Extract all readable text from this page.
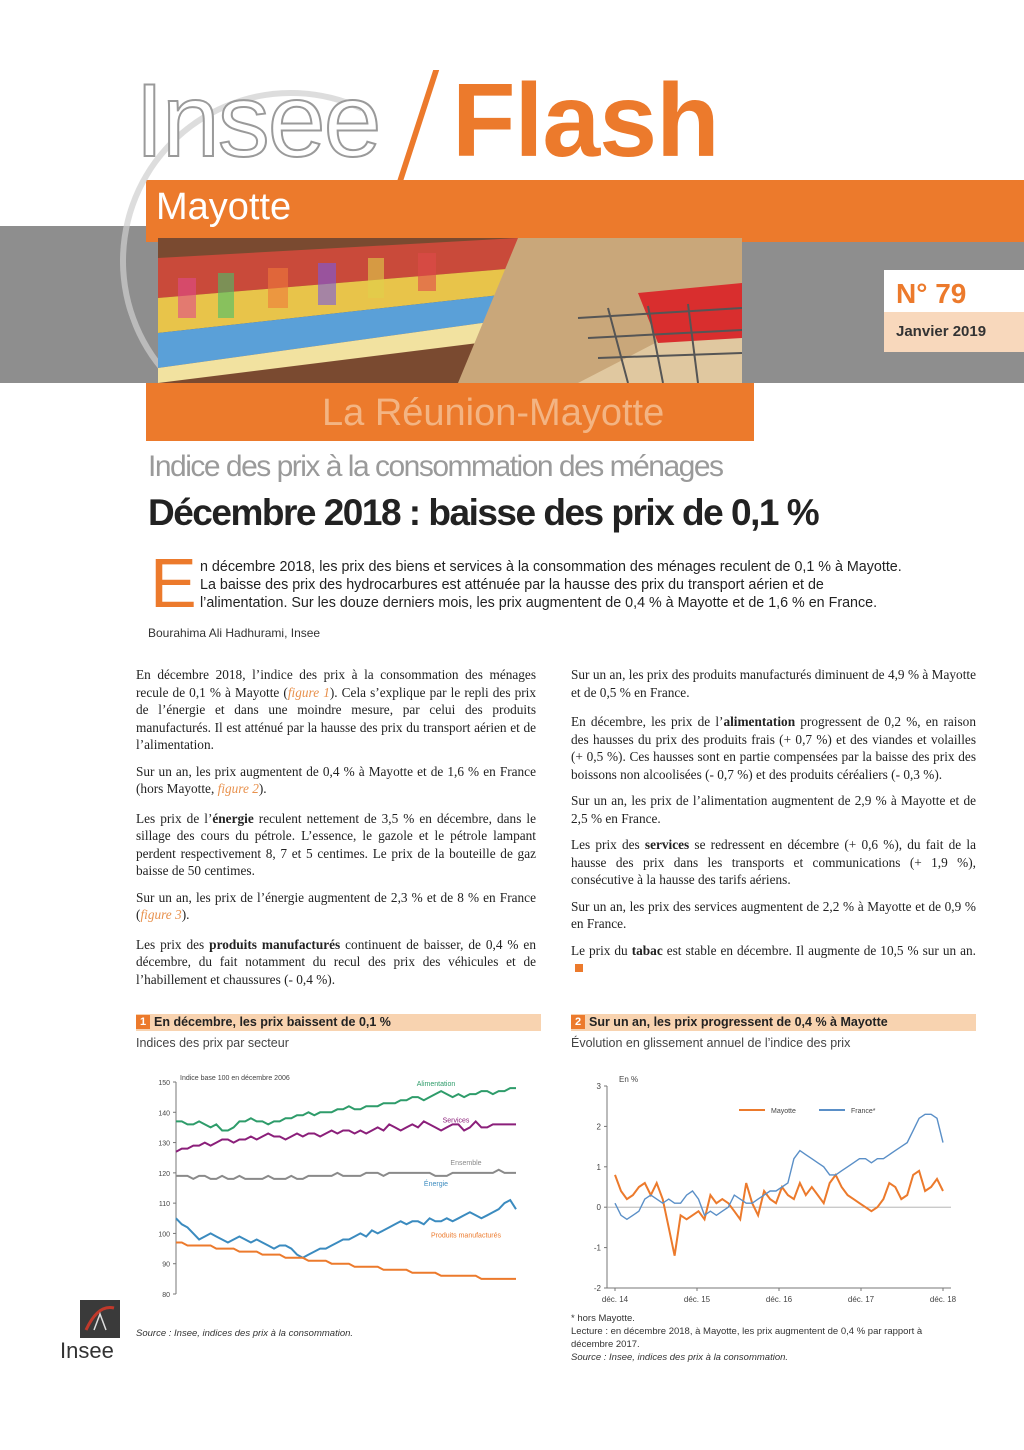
Insee Flash
Mayotte
La Réunion-Mayotte
N° 79
Janvier 2019
Indice des prix à la consommation des ménages
Décembre 2018 : baisse des prix de 0,1 %
E n décembre 2018, les prix des biens et services à la consommation des ménages reculent de 0,1 % à Mayotte.
La baisse des prix des hydrocarbures est atténuée par la hausse des prix du transport aérien et de
l’alimentation. Sur les douze derniers mois, les prix augmentent de 0,4 % à Mayotte et de 1,6 % en France.
Bourahima Ali Hadhurami, Insee

En décembre 2018, l’indice des prix à la consommation des ménages recule de 0,1 % à Mayotte (figure 1). Cela s’explique par le repli des prix de l’énergie et dans une moindre mesure, par celui des produits manufacturés. Il est atténué par la hausse des prix du transport aérien et de l’alimentation.

Sur un an, les prix augmentent de 0,4 % à Mayotte et de 1,6 % en France (hors Mayotte, figure 2).

Les prix de l’énergie reculent nettement de 3,5 % en décembre, dans le sillage des cours du pétrole. L’essence, le gazole et le pétrole lampant perdent respectivement 8, 7 et 5 centimes. Le prix de la bouteille de gaz baisse de 50 centimes.

Sur un an, les prix de l’énergie augmentent de 2,3 % et de 8 % en France (figure 3).

Les prix des produits manufacturés continuent de baisser, de 0,4 % en décembre, du fait notamment du recul des prix des véhicules et de l’habillement et chaussures (- 0,4 %).

Sur un an, les prix des produits manufacturés diminuent de 4,9 % à Mayotte et de 0,5 % en France.

En décembre, les prix de l’alimentation progressent de 0,2 %, en raison des hausses du prix des produits frais (+ 0,7 %) et des viandes et volailles (+ 0,5 %). Ces hausses sont en partie compensées par la baisse des prix des boissons non alcoolisées (- 0,7 %) et des produits céréaliers (- 0,3 %).

Sur un an, les prix de l’alimentation augmentent de 2,9 % à Mayotte et de 2,5 % en France.

Les prix des services se redressent en décembre (+ 0,6 %), du fait de la hausse des prix dans les transports et communications (+ 1,9 %), consécutive à la hausse des tarifs aériens.

Sur un an, les prix des services augmentent de 2,2 % à Mayotte et de 0,9 % en France.

Le prix du tabac est stable en décembre. Il augmente de 10,5 % sur un an.

1 En décembre, les prix baissent de 0,1 %
Indices des prix par secteur
80
90
100
110
120
130
140
150
Indice base 100 en décembre 2006
Alimentation
Services
Ensemble
Énergie
Produits manufacturés
Source : Insee, indices des prix à la consommation.
2 Sur un an, les prix progressent de 0,4 % à Mayotte
Évolution en glissement annuel de l’indice des prix
-2
-1
0
1
2
3
En %
déc. 14	déc. 15	déc. 16	déc. 17	déc. 18
Mayotte	France*
* hors Mayotte.
Lecture : en décembre 2018, à Mayotte, les prix augmentent de 0,4 % par rapport à décembre 2017.
Source : Insee, indices des prix à la consommation.
Insee
